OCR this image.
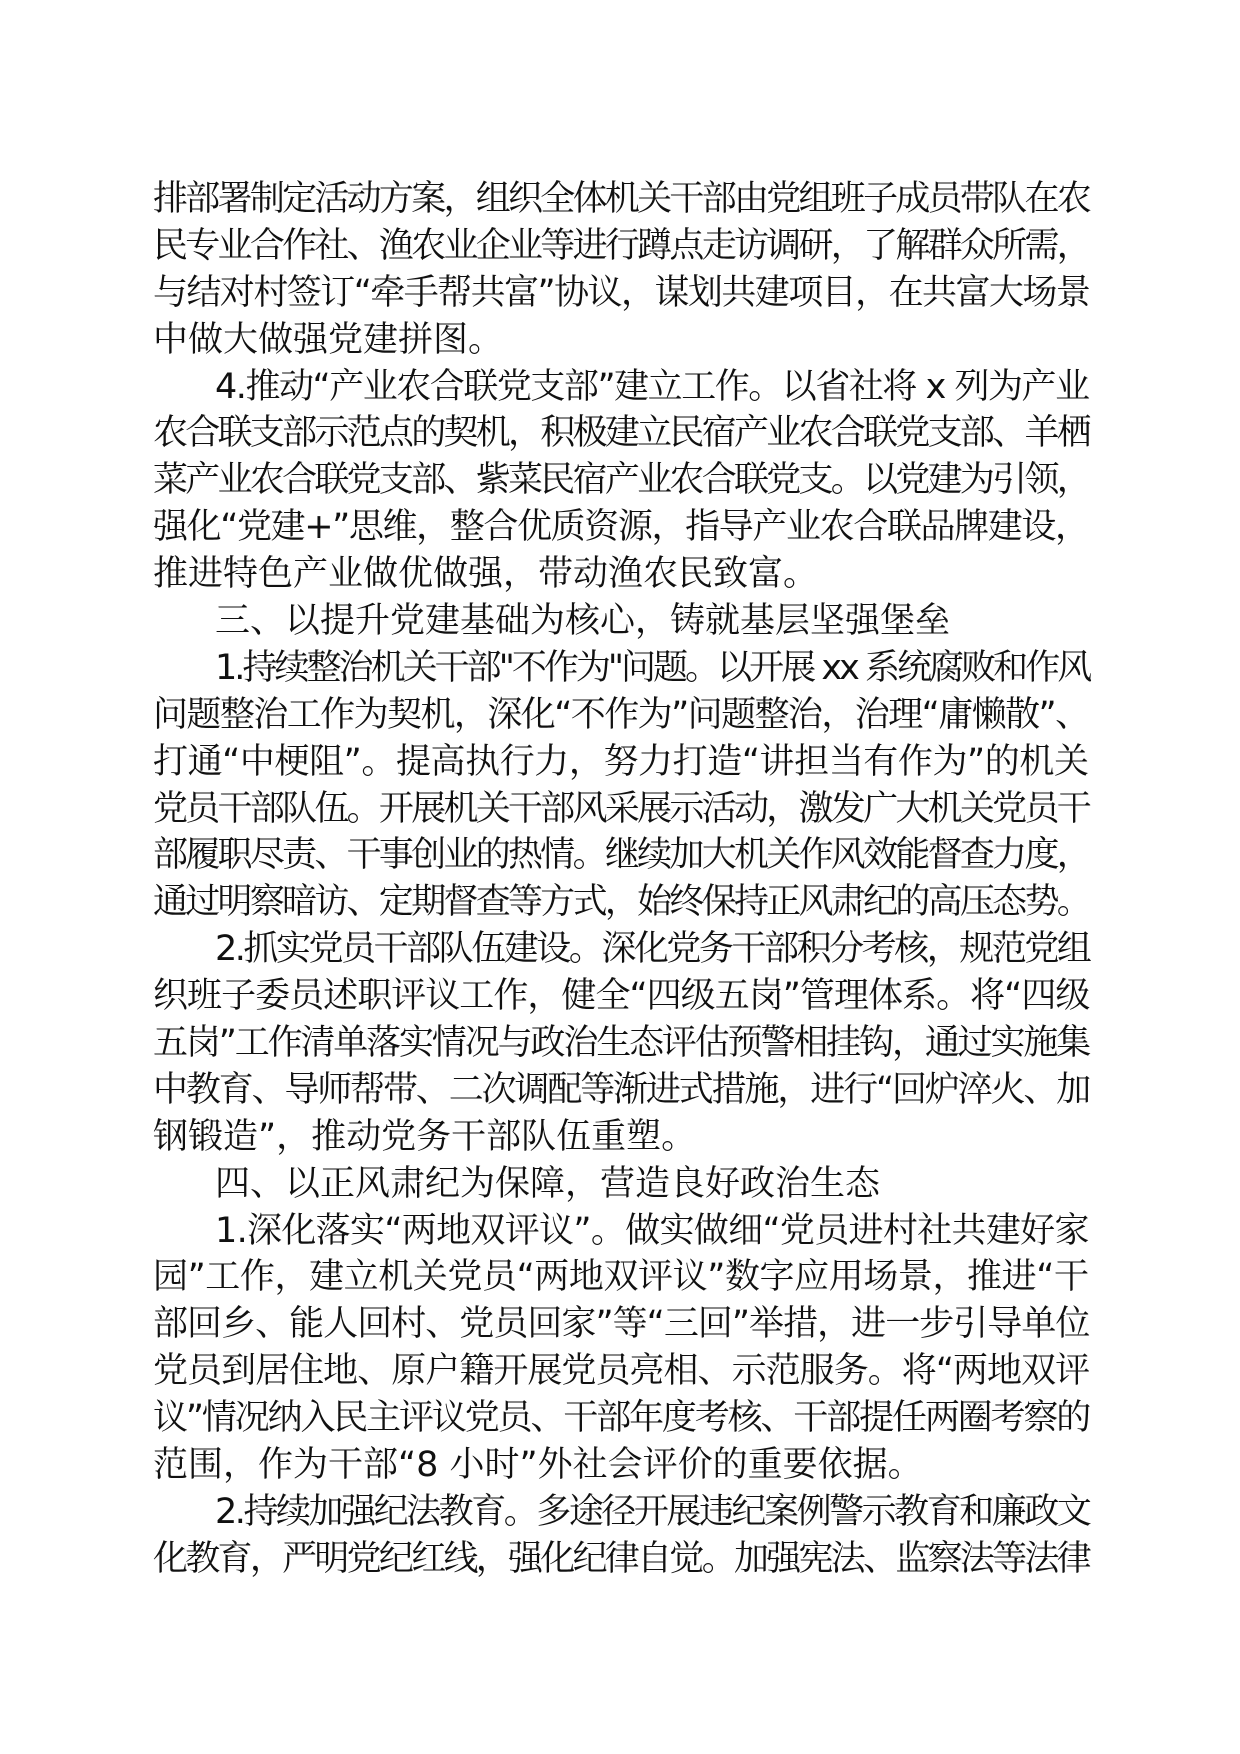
排部署制定活动方案，组织全体机关干部由党组班子成员带队在农
民专业合作社、渔农业企业等进行蹲点走访调研，了解群众所需，
与结对村签订“牵手帮共富”协议，谋划共建项目，在共富大场景
中做大做强党建拼图。
4.推动“产业农合联党支部”建立工作。以省社将 x 列为产业
农合联支部示范点的契机，积极建立民宿产业农合联党支部、羊栖
菜产业农合联党支部、紫菜民宿产业农合联党支。以党建为引领，
强化“党建+”思维，整合优质资源，指导产业农合联品牌建设，
推进特色产业做优做强，带动渔农民致富。
三、以提升党建基础为核心，铸就基层坚强堡垒
1.持续整治机关干部"不作为"问题。以开展 xx 系统腐败和作风
问题整治工作为契机，深化“不作为”问题整治，治理“庸懒散”、
打通“中梗阻”。提高执行力，努力打造“讲担当有作为”的机关
党员干部队伍。开展机关干部风采展示活动，激发广大机关党员干
部履职尽责、干事创业的热情。继续加大机关作风效能督查力度，
通过明察暗访、定期督查等方式，始终保持正风肃纪的高压态势。
2.抓实党员干部队伍建设。深化党务干部积分考核，规范党组
织班子委员述职评议工作，健全“四级五岗”管理体系。将“四级
五岗”工作清单落实情况与政治生态评估预警相挂钩，通过实施集
中教育、导师帮带、二次调配等渐进式措施，进行“回炉淬火、加
钢锻造”，推动党务干部队伍重塑。
四、以正风肃纪为保障，营造良好政治生态
1.深化落实“两地双评议”。做实做细“党员进村社共建好家
园”工作，建立机关党员“两地双评议”数字应用场景，推进“干
部回乡、能人回村、党员回家”等“三回”举措，进一步引导单位
党员到居住地、原户籍开展党员亮相、示范服务。将“两地双评
议”情况纳入民主评议党员、干部年度考核、干部提任两圈考察的
范围，作为干部“8 小时”外社会评价的重要依据。
2.持续加强纪法教育。多途径开展违纪案例警示教育和廉政文
化教育，严明党纪红线，强化纪律自觉。加强宪法、监察法等法律
